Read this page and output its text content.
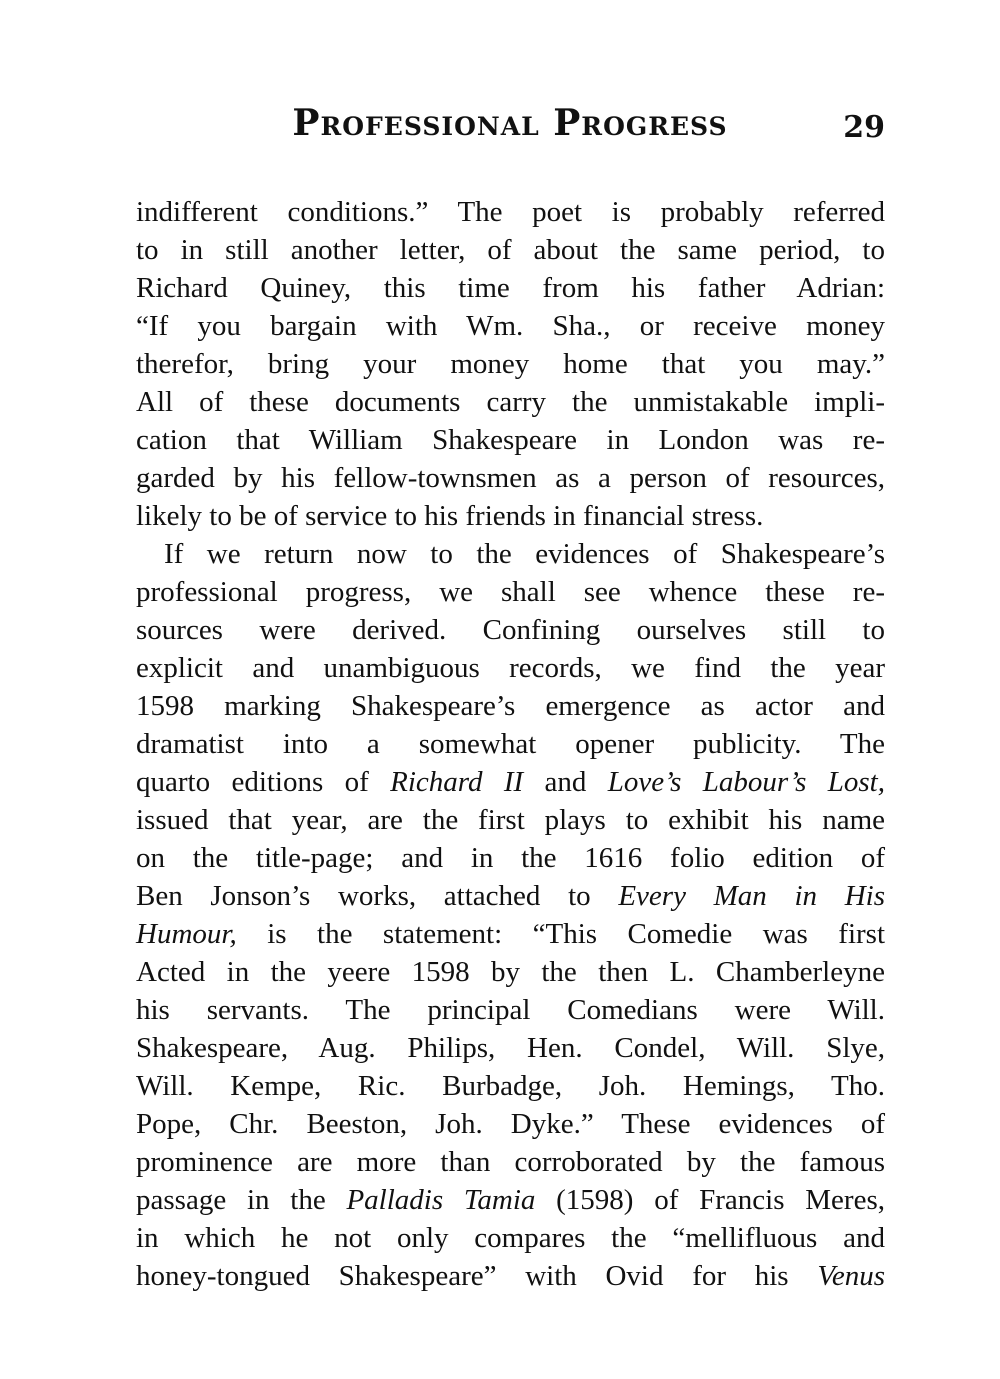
Professional Progress	29
indifferent conditions.” The poet is probably referred
to in still another letter, of about the same period, to
Richard Quiney, this time from his father Adrian:
“If you bargain with Wm. Sha., or receive money
therefor, bring your money home that you may.”
All of these documents carry the unmistakable impli-
cation that William Shakespeare in London was re-
garded by his fellow-townsmen as a person of resources,
likely to be of service to his friends in financial stress.
If we return now to the evidences of Shakespeare’s
professional progress, we shall see whence these re-
sources were derived. Confining ourselves still to
explicit and unambiguous records, we find the year
1598 marking Shakespeare’s emergence as actor and
dramatist into a somewhat opener publicity. The
quarto editions of Richard II and Love’s Labour’s Lost,
issued that year, are the first plays to exhibit his name
on the title-page; and in the 1616 folio edition of
Ben Jonson’s works, attached to Every Man in His
Humour, is the statement: “This Comedie was first
Acted in the yeere 1598 by the then L. Chamberleyne
his servants. The principal Comedians were Will.
Shakespeare, Aug. Philips, Hen. Condel, Will. Slye,
Will. Kempe, Ric. Burbadge, Joh. Hemings, Tho.
Pope, Chr. Beeston, Joh. Dyke.” These evidences of
prominence are more than corroborated by the famous
passage in the Palladis Tamia (1598) of Francis Meres,
in which he not only compares the “mellifluous and
honey-tongued Shakespeare” with Ovid for his Venus
